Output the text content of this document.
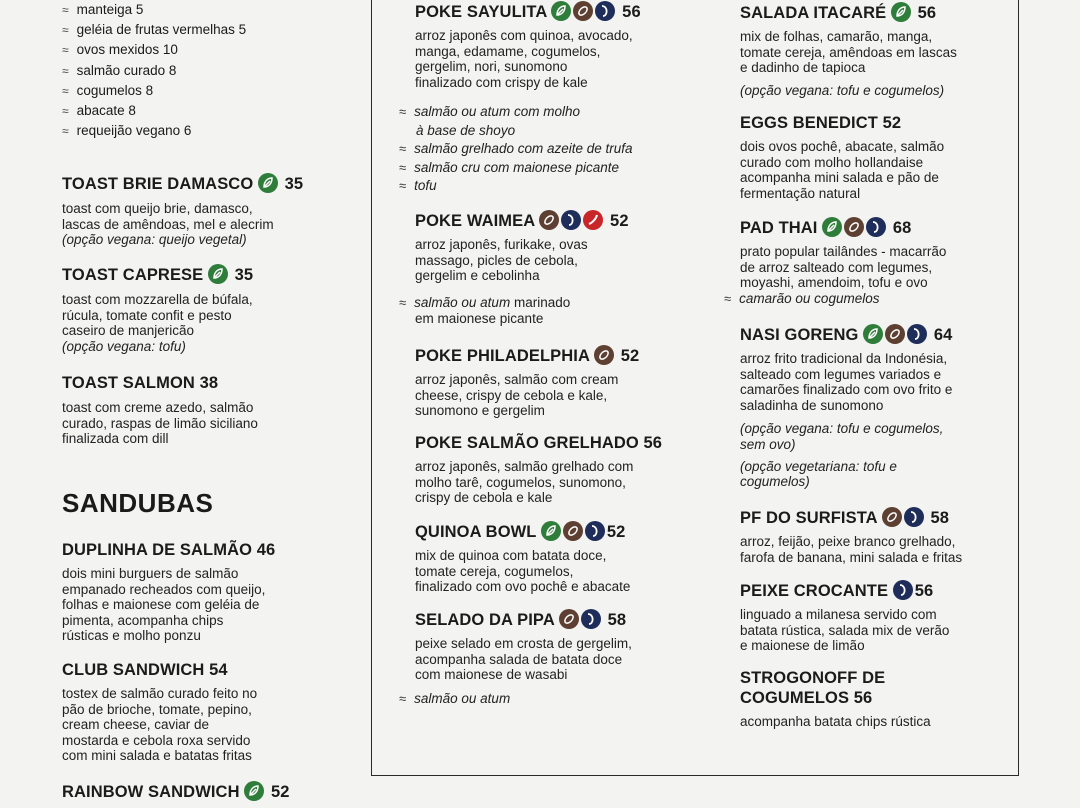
≈ manteiga 5
≈ geléia de frutas vermelhas 5
≈ ovos mexidos 10
≈ salmão curado 8
≈ cogumelos 8
≈ abacate 8
≈ requeijão vegano 6
TOAST BRIE DAMASCO 35
toast com queijo brie, damasco,
lascas de amêndoas, mel e alecrim
(opção vegana: queijo vegetal)
TOAST CAPRESE 35
toast com mozzarella de búfala,
rúcula, tomate confit e pesto
caseiro de manjericão
(opção vegana: tofu)
TOAST SALMON 38
toast com creme azedo, salmão
curado, raspas de limão siciliano
finalizada com dill
SANDUBAS
DUPLINHA DE SALMÃO 46
dois mini burguers de salmão
empanado recheados com queijo,
folhas e maionese com geléia de
pimenta, acompanha chips
rústicas e molho ponzu
CLUB SANDWICH 54
tostex de salmão curado feito no
pão de brioche, tomate, pepino,
cream cheese, caviar de
mostarda e cebola roxa servido
com mini salada e batatas fritas
RAINBOW SANDWICH 52
POKE SAYULITA	56
arroz japonês com quinoa, avocado,
manga, edamame, cogumelos,
gergelim, nori, sunomono
finalizado com crispy de kale
≈ salmão ou atum com molho
à base de shoyo
≈ salmão grelhado com azeite de trufa
≈ salmão cru com maionese picante
≈ tofu
POKE WAIMEA	52
arroz japonês, furikake, ovas
massago, picles de cebola,
gergelim e cebolinha
≈ salmão ou atum marinado
em maionese picante
POKE PHILADELPHIA 52
arroz japonês, salmão com cream
cheese, crispy de cebola e kale,
sunomono e gergelim
POKE SALMÃO GRELHADO 56
arroz japonês, salmão grelhado com
molho tarê, cogumelos, sunomono,
crispy de cebola e kale
QUINOA BOWL	52
mix de quinoa com batata doce,
tomate cereja, cogumelos,
finalizado com ovo pochê e abacate
SELADO DA PIPA	58
peixe selado em crosta de gergelim,
acompanha salada de batata doce
com maionese de wasabi
≈ salmão ou atum
SALADA ITACARÉ 56
mix de folhas, camarão, manga,
tomate cereja, amêndoas em lascas
e dadinho de tapioca
(opção vegana: tofu e cogumelos)
EGGS BENEDICT 52
dois ovos pochê, abacate, salmão
curado com molho hollandaise
acompanha mini salada e pão de
fermentação natural
PAD THAI	68
prato popular tailândes - macarrão
de arroz salteado com legumes,
moyashi, amendoim, tofu e ovo
≈ camarão ou cogumelos
NASI GORENG	64
arroz frito tradicional da Indonésia,
salteado com legumes variados e
camarões finalizado com ovo frito e
saladinha de sunomono
(opção vegana: tofu e cogumelos,
sem ovo)
(opção vegetariana: tofu e
cogumelos)
PF DO SURFISTA	58
arroz, feijão, peixe branco grelhado,
farofa de banana, mini salada e fritas
PEIXE CROCANTE 56
linguado a milanesa servido com
batata rústica, salada mix de verão
e maionese de limão
STROGONOFF DE
COGUMELOS 56
acompanha batata chips rústica
